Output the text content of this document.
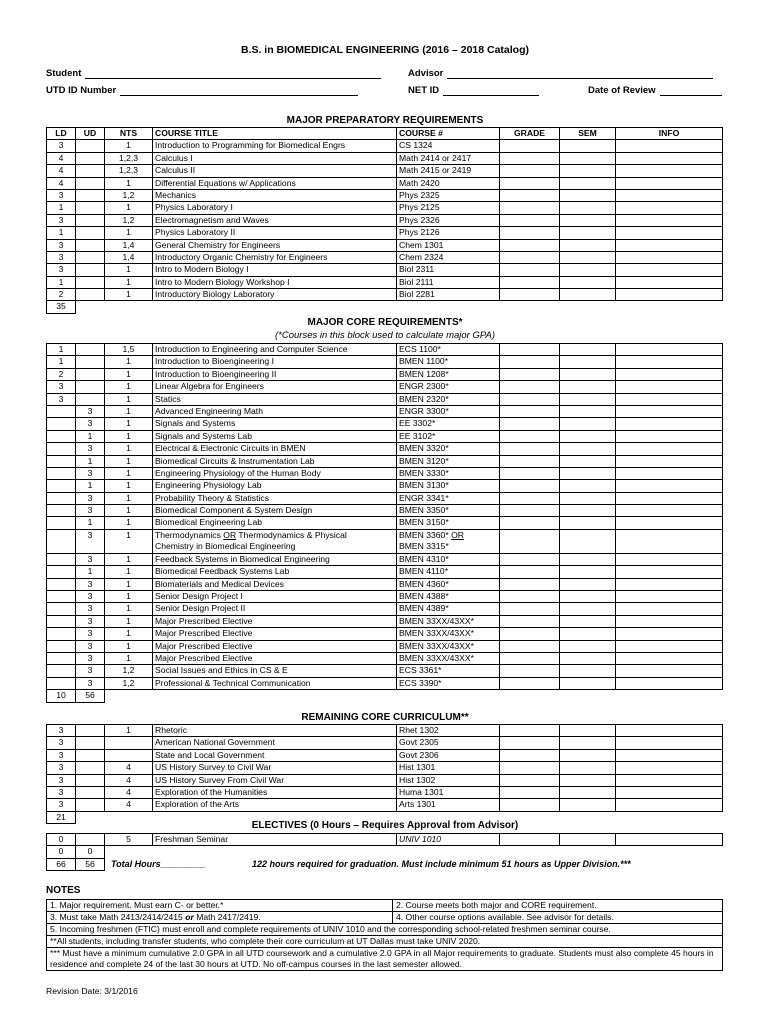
B.S. in BIOMEDICAL ENGINEERING (2016 – 2018 Catalog)
Student	Advisor
UTD ID Number	NET ID	Date of Review
MAJOR PREPARATORY REQUIREMENTS
LD	UD	NTS	COURSE TITLE	COURSE #	GRADE	SEM	INFO
3		1	Introduction to Programming for Biomedical Engrs	CS 1324			
4		1,2,3	Calculus I	Math 2414 or 2417			
4		1,2,3	Calculus II	Math 2415 or 2419			
4		1	Differential Equations w/ Applications	Math 2420			
3		1,2	Mechanics	Phys 2325			
1		1	Physics Laboratory I	Phys 2125			
3		1,2	Electromagnetism and Waves	Phys 2326			
1		1	Physics Laboratory II	Phys 2126			
3		1,4	General Chemistry for Engineers	Chem 1301			
3		1,4	Introductory Organic Chemistry for Engineers	Chem 2324			
3		1	Intro to Modern Biology I	Biol 2311			
1		1	Intro to Modern Biology Workshop I	Biol 2111			
2		1	Introductory Biology Laboratory	Biol 2281			
35							
MAJOR CORE REQUIREMENTS*
(*Courses in this block used to calculate major GPA)
1		1,5	Introduction to Engineering and Computer Science	ECS 1100*			
1		1	Introduction to Bioengineering I	BMEN 1100*			
2		1	Introduction to Bioengineering II	BMEN 1208*			
3		1	Linear Algebra for Engineers	ENGR 2300*			
3		1	Statics	BMEN 2320*			
	3	1	Advanced Engineering Math	ENGR 3300*			
	3	1	Signals and Systems	EE 3302*			
	1	1	Signals and Systems Lab	EE 3102*			
	3	1	Electrical & Electronic Circuits in BMEN	BMEN 3320*			
	1	1	Biomedical Circuits & Instrumentation Lab	BMEN 3120*			
	3	1	Engineering Physiology of the Human Body	BMEN 3330*			
	1	1	Engineering Physiology Lab	BMEN 3130*			
	3	1	Probability Theory & Statistics	ENGR 3341*			
	3	1	Biomedical Component & System Design	BMEN 3350*			
	1	1	Biomedical Engineering Lab	BMEN 3150*			
	3	1	Thermodynamics OR Thermodynamics & Physical
Chemistry in Biomedical Engineering	BMEN 3360* OR
BMEN 3315*			
	3	1	Feedback Systems in Biomedical Engineering	BMEN 4310*			
	1	1	Biomedical Feedback Systems Lab	BMEN 4110*			
	3	1	Biomaterials and Medical Devices	BMEN 4360*			
	3	1	Senior Design Project I	BMEN 4388*			
	3	1	Senior Design Project II	BMEN 4389*			
	3	1	Major Prescribed Elective	BMEN 33XX/43XX*			
	3	1	Major Prescribed Elective	BMEN 33XX/43XX*			
	3	1	Major Prescribed Elective	BMEN 33XX/43XX*			
	3	1	Major Prescribed Elective	BMEN 33XX/43XX*			
	3	1,2	Social Issues and Ethics in CS & E	ECS 3361*			
	3	1,2	Professional & Technical Communication	ECS 3390*			
10	56						
REMAINING CORE CURRICULUM**
3		1	Rhetoric	Rhet 1302			
3			American National Government	Govt 2305			
3			State and Local Government	Govt 2306			
3		4	US History Survey to Civil War	Hist 1301			
3		4	US History Survey From Civil War	Hist 1302			
3		4	Exploration of the Humanities	Huma 1301			
3		4	Exploration of the Arts	Arts 1301			
21							
ELECTIVES (0 Hours – Requires Approval from Advisor)
0		5	Freshman Seminar	UNIV 1010			
0	0						
66	56						Total Hours_________	122 hours required for graduation. Must include minimum 51 hours as Upper Division.***
NOTES
1. Major requirement. Must earn C- or better.*	2. Course meets both major and CORE requirement.
3. Must take Math 2413/2414/2415 or Math 2417/2419.	4. Other course options available. See advisor for details.
5. Incoming freshmen (FTIC) must enroll and complete requirements of UNIV 1010 and the corresponding school-related freshmen seminar course.	
**All students, including transfer students, who complete their core curriculum at UT Dallas must take UNIV 2020.	
*** Must have a minimum cumulative 2.0 GPA in all UTD coursework and a cumulative 2.0 GPA in all Major requirements to graduate. Students must also complete 45 hours in residence and complete 24 of the last 30 hours at UTD. No off-campus courses in the last semester allowed.	
Revision Date: 3/1/2016
